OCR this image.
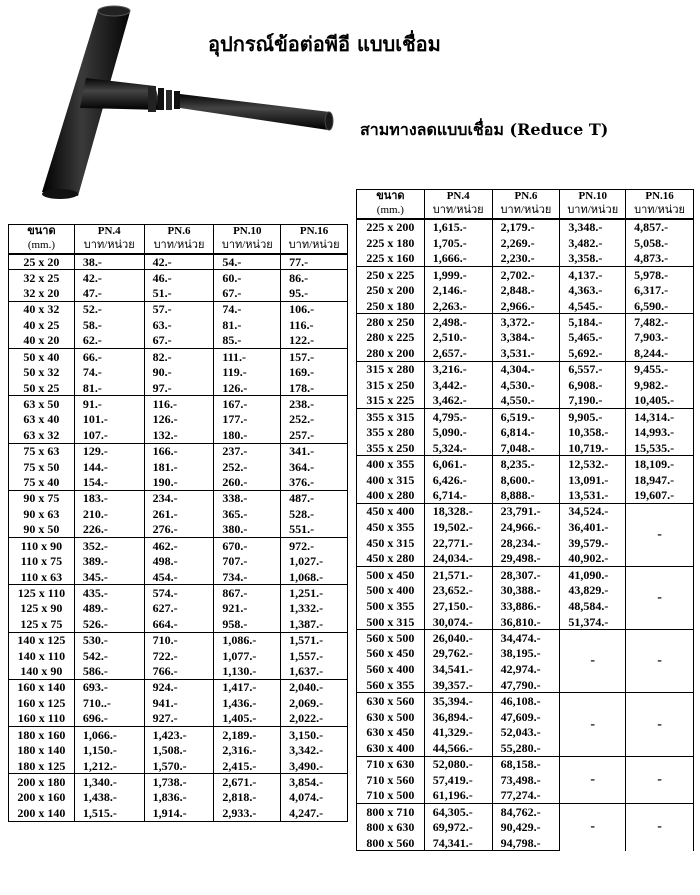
อุปกรณ์ข้อต่อพีอี แบบเชื่อม
สามทางลดแบบเชื่อม (Reduce T)
ขนาด	PN.4	PN.6	PN.10	PN.16
(mm.)	บาท/หน่วย	บาท/หน่วย	บาท/หน่วย	บาท/หน่วย
25 x 20	38.-	42.-	54.-	77.-
32 x 25	42.-	46.-	60.-	86.-
32 x 20	47.-	51.-	67.-	95.-
40 x 32	52.-	57.-	74.-	106.-
40 x 25	58.-	63.-	81.-	116.-
40 x 20	62.-	67.-	85.-	122.-
50 x 40	66.-	82.-	111.-	157.-
50 x 32	74.-	90.-	119.-	169.-
50 x 25	81.-	97.-	126.-	178.-
63 x 50	91.-	116.-	167.-	238.-
63 x 40	101.-	126.-	177.-	252.-
63 x 32	107.-	132.-	180.-	257.-
75 x 63	129.-	166.-	237.-	341.-
75 x 50	144.-	181.-	252.-	364.-
75 x 40	154.-	190.-	260.-	376.-
90 x 75	183.-	234.-	338.-	487.-
90 x 63	210.-	261.-	365.-	528.-
90 x 50	226.-	276.-	380.-	551.-
110 x 90	352.-	462.-	670.-	972.-
110 x 75	389.-	498.-	707.-	1,027.-
110 x 63	345.-	454.-	734.-	1,068.-
125 x 110	435.-	574.-	867.-	1,251.-
125 x 90	489.-	627.-	921.-	1,332.-
125 x 75	526.-	664.-	958.-	1,387.-
140 x 125	530.-	710.-	1,086.-	1,571.-
140 x 110	542.-	722.-	1,077.-	1,557.-
140 x 90	586.-	766.-	1,130.-	1,637.-
160 x 140	693.-	924.-	1,417.-	2,040.-
160 x 125	710..-	941.-	1,436.-	2,069.-
160 x 110	696.-	927.-	1,405.-	2,022.-
180 x 160	1,066.-	1,423.-	2,189.-	3,150.-
180 x 140	1,150.-	1,508.-	2,316.-	3,342.-
180 x 125	1,212.-	1,570.-	2,415.-	3,490.-
200 x 180	1,340.-	1,738.-	2,671.-	3,854.-
200 x 160	1,438.-	1,836.-	2,818.-	4,074.-
200 x 140	1,515.-	1,914.-	2,933.-	4,247.-
ขนาด	PN.4	PN.6	PN.10	PN.16
(mm.)	บาท/หน่วย	บาท/หน่วย	บาท/หน่วย	บาท/หน่วย
225 x 200	1,615.-	2,179.-	3,348.-	4,857.-
225 x 180	1,705.-	2,269.-	3,482.-	5,058.-
225 x 160	1,666.-	2,230.-	3,358.-	4,873.-
250 x 225	1,999.-	2,702.-	4,137.-	5,978.-
250 x 200	2,146.-	2,848.-	4,363.-	6,317.-
250 x 180	2,263.-	2,966.-	4,545.-	6,590.-
280 x 250	2,498.-	3,372.-	5,184.-	7,482.-
280 x 225	2,510.-	3,384.-	5,465.-	7,903.-
280 x 200	2,657.-	3,531.-	5,692.-	8,244.-
315 x 280	3,216.-	4,304.-	6,557.-	9,455.-
315 x 250	3,442.-	4,530.-	6,908.-	9,982.-
315 x 225	3,462.-	4,550.-	7,190.-	10,405.-
355 x 315	4,795.-	6,519.-	9,905.-	14,314.-
355 x 280	5,090.-	6,814.-	10,358.-	14,993.-
355 x 250	5,324.-	7,048.-	10,719.-	15,535.-
400 x 355	6,061.-	8,235.-	12,532.-	18,109.-
400 x 315	6,426.-	8,600.-	13,091.-	18,947.-
400 x 280	6,714.-	8,888.-	13,531.-	19,607.-
450 x 400	18,328.-	23,791.-	34,524.-	-
450 x 355	19,502.-	24,966.-	36,401.-	
450 x 315	22,771.-	28,234.-	39,579.-	
450 x 280	24,034.-	29,498.-	40,902.-	
500 x 450	21,571.-	28,307.-	41,090.-	-
500 x 400	23,652.-	30,388.-	43,829.-	
500 x 355	27,150.-	33,886.-	48,584.-	
500 x 315	30,074.-	36,810.-	51,374.-	
560 x 500	26,040.-	34,474.-	-	-
560 x 450	29,762.-	38,195.-		
560 x 400	34,541.-	42,974.-		
560 x 355	39,357.-	47,790.-		
630 x 560	35,394.-	46,108.-	-	-
630 x 500	36,894.-	47,609.-		
630 x 450	41,329.-	52,043.-		
630 x 400	44,566.-	55,280.-		
710 x 630	52,080.-	68,158.-	-	-
710 x 560	57,419.-	73,498.-		
710 x 500	61,196.-	77,274.-		
800 x 710	64,305.-	84,762.-	-	-
800 x 630	69,972.-	90,429.-		
800 x 560	74,341.-	94,798.-		
